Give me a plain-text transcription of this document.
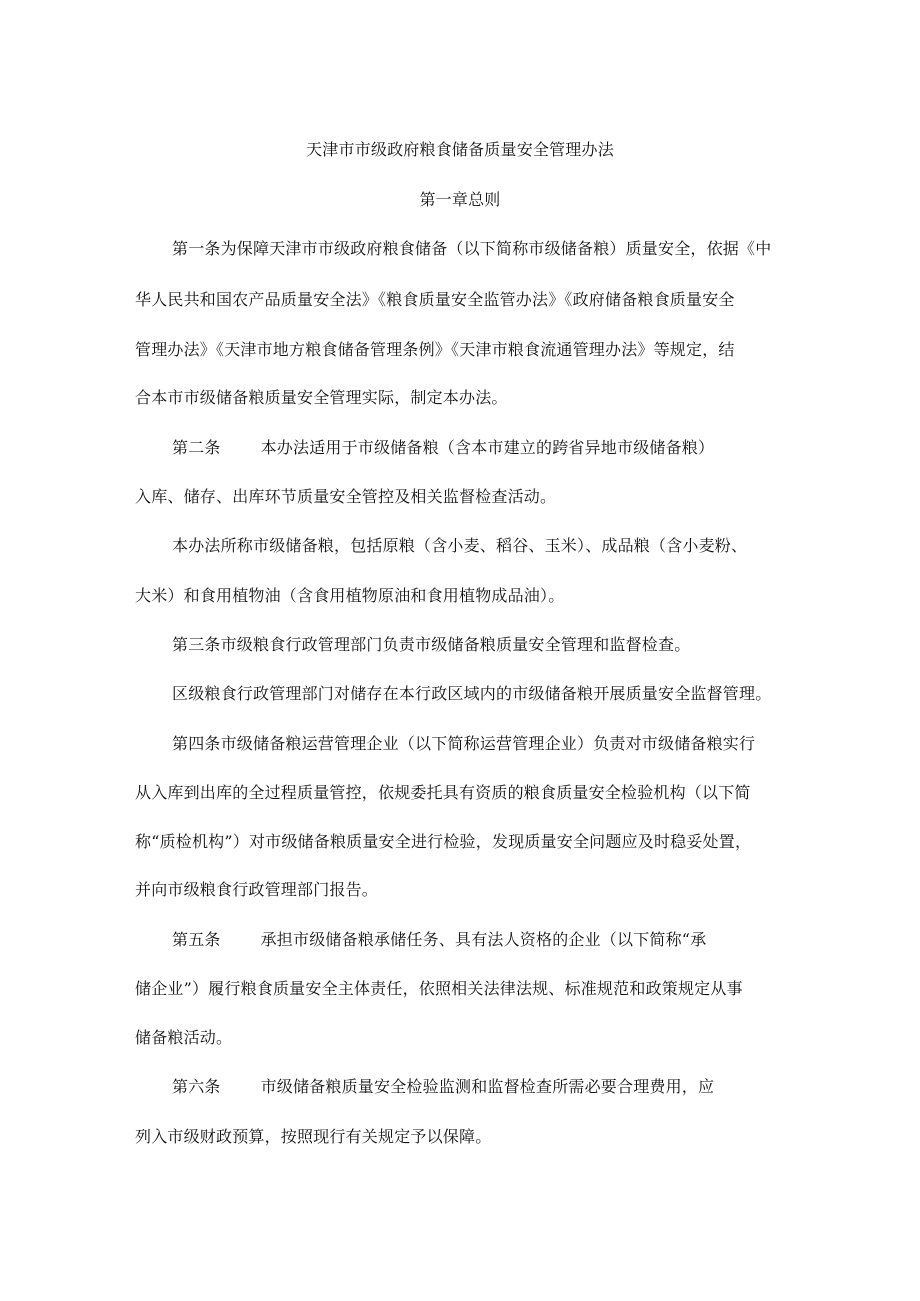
天津市市级政府粮食储备质量安全管理办法
第一章总则
第一条为保障天津市市级政府粮食储备（以下简称市级储备粮）质量安全，依据《中
华人民共和国农产品质量安全法》《粮食质量安全监管办法》《政府储备粮食质量安全
管理办法》《天津市地方粮食储备管理条例》《天津市粮食流通管理办法》等规定，结
合本市市级储备粮质量安全管理实际，制定本办法。
第二条	本办法适用于市级储备粮（含本市建立的跨省异地市级储备粮）
入库、储存、出库环节质量安全管控及相关监督检查活动。
本办法所称市级储备粮，包括原粮（含小麦、稻谷、玉米）、成品粮（含小麦粉、
大米）和食用植物油（含食用植物原油和食用植物成品油）。
第三条市级粮食行政管理部门负责市级储备粮质量安全管理和监督检查。
区级粮食行政管理部门对储存在本行政区域内的市级储备粮开展质量安全监督管理。
第四条市级储备粮运营管理企业（以下简称运营管理企业）负责对市级储备粮实行
从入库到出库的全过程质量管控，依规委托具有资质的粮食质量安全检验机构（以下简
称“质检机构”）对市级储备粮质量安全进行检验，发现质量安全问题应及时稳妥处置，
并向市级粮食行政管理部门报告。
第五条	承担市级储备粮承储任务、具有法人资格的企业（以下简称“承
储企业”）履行粮食质量安全主体责任，依照相关法律法规、标准规范和政策规定从事
储备粮活动。
第六条	市级储备粮质量安全检验监测和监督检查所需必要合理费用，应
列入市级财政预算，按照现行有关规定予以保障。
